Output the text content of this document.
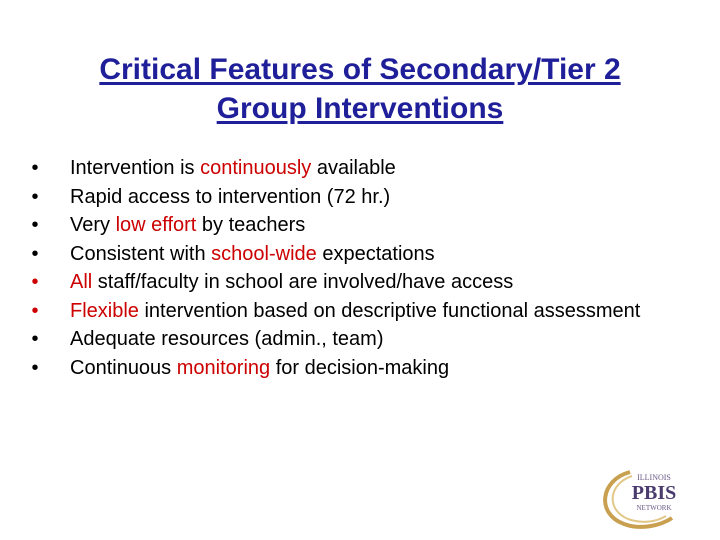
Critical Features of Secondary/Tier 2
Group Interventions
• Intervention is continuously available
• Rapid access to intervention (72 hr.)
• Very low effort by teachers
• Consistent with school-wide expectations
• All staff/faculty in school are involved/have access
• Flexible intervention based on descriptive functional assessment
• Adequate resources (admin., team)
• Continuous monitoring for decision-making
ILLINOIS
PBIS
NETWORK
